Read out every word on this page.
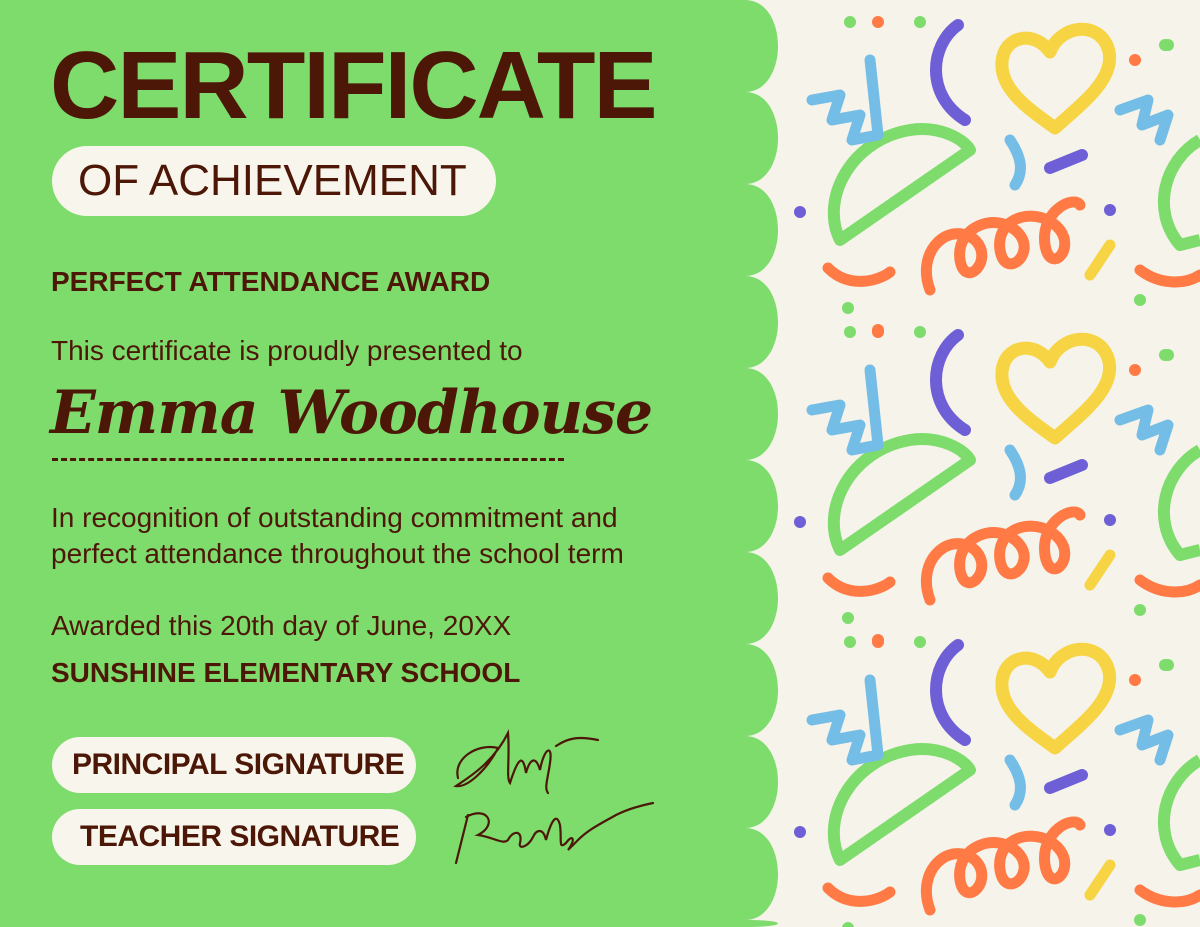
CERTIFICATE
OF ACHIEVEMENT
PERFECT ATTENDANCE AWARD
This certificate is proudly presented to
Emma Woodhouse
In recognition of outstanding commitment and
perfect attendance throughout the school term
Awarded this 20th day of June, 20XX
SUNSHINE ELEMENTARY SCHOOL
PRINCIPAL SIGNATURE
TEACHER SIGNATURE
